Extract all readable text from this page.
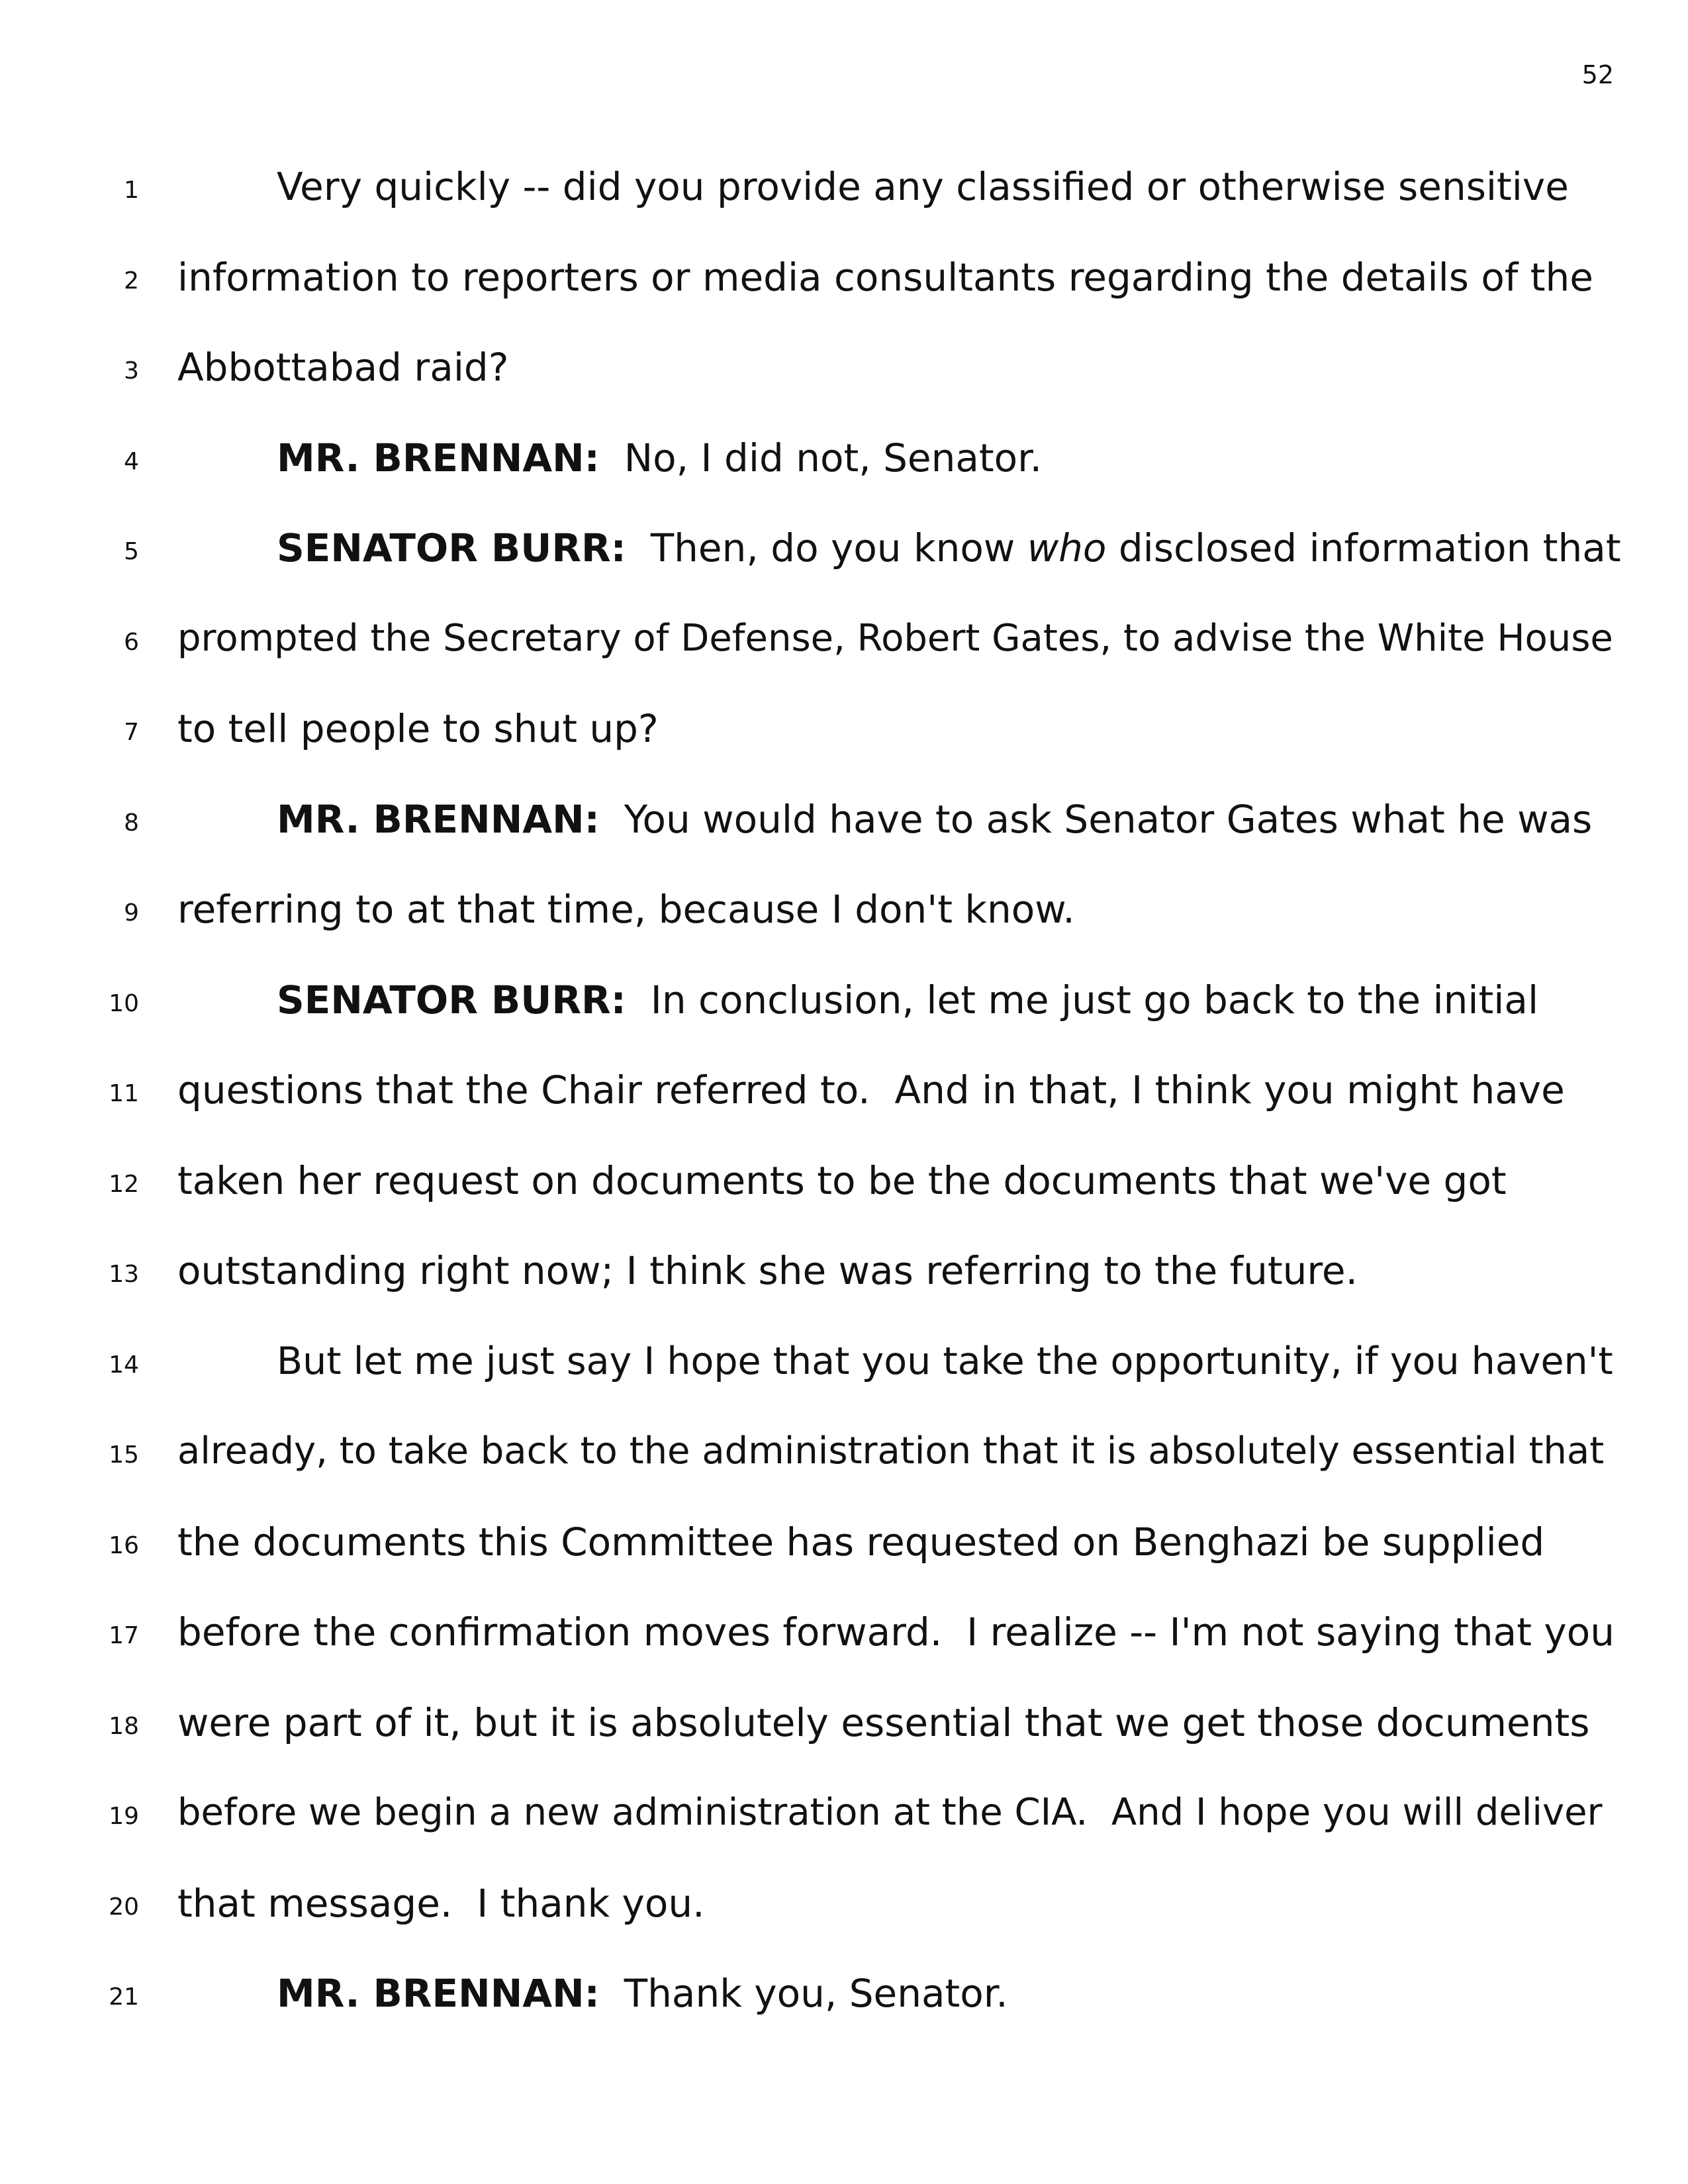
52
1	Very quickly -- did you provide any classified or otherwise sensitive
2 information to reporters or media consultants regarding the details of the
3 Abbottabad raid?
4	MR. BRENNAN:  No, I did not, Senator.
5	SENATOR BURR:  Then, do you know who disclosed information that
6 prompted the Secretary of Defense, Robert Gates, to advise the White House
7 to tell people to shut up?
8	MR. BRENNAN:  You would have to ask Senator Gates what he was
9 referring to at that time, because I don't know.
10	SENATOR BURR:  In conclusion, let me just go back to the initial
11 questions that the Chair referred to.  And in that, I think you might have
12 taken her request on documents to be the documents that we've got
13 outstanding right now; I think she was referring to the future.
14	But let me just say I hope that you take the opportunity, if you haven't
15 already, to take back to the administration that it is absolutely essential that
16 the documents this Committee has requested on Benghazi be supplied
17 before the confirmation moves forward.  I realize -- I'm not saying that you
18 were part of it, but it is absolutely essential that we get those documents
19 before we begin a new administration at the CIA.  And I hope you will deliver
20 that message.  I thank you.
21	MR. BRENNAN:  Thank you, Senator.
